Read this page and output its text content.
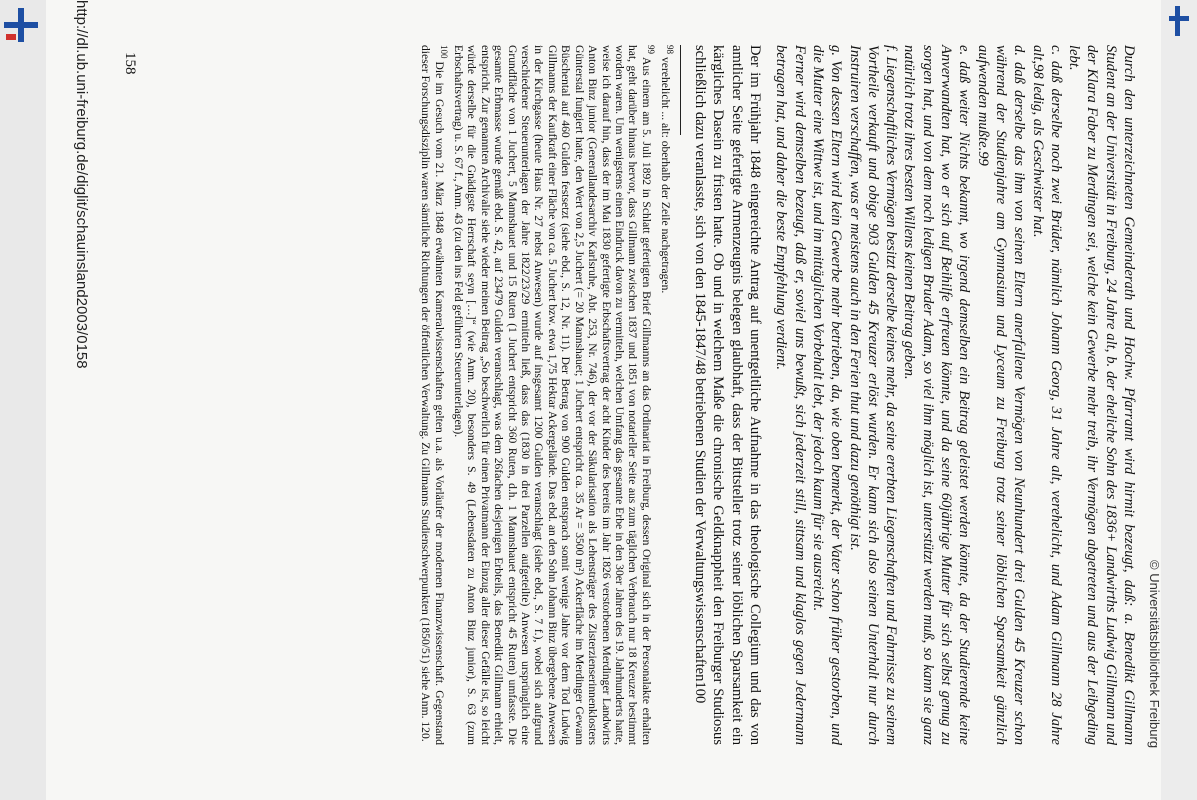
Durch den unterzeichneten Gemeinderath und Hochw. Pfarramt wird hirmit bezeugt, daß: a. Benedikt Gillmann Student an der Universität in Freiburg, 24 Jahre alt, b. der eheliche Sohn des 1836+ Landwirths Ludwig Gillmann und der Klara Faber zu Merdingen sei, welche kein Gewerbe mehr treib, ihr Vermögen abgetreten und aus der Leibgeding lebt.

c. daß derselbe noch zwei Brüder, nämlich Johann Georg, 31 Jahre alt, verehelicht, und Adam Gillmann 28 Jahre alt,98 ledig, als Geschwister hat.

d. daß derselbe das ihm von seinen Eltern anerfallene Vermögen von Neunhundert drei Gulden 45 Kreuzer schon während der Studienjahre am Gymnasium und Lyceum zu Freiburg trotz seiner löblichen Sparsamkeit gänzlich aufwenden mußte.99

e. daß weiter Nichts bekannt, wo irgend demselben ein Beitrag geleistet werden könnte, da der Studierende keine Anverwandten hat, wo er sich auf Beihilfe erfreuen könnte, und da seine 60jährige Mutter für sich selbst genug zu sorgen hat, und von dem noch ledigen Bruder Adam, so viel ihm möglich ist, unterstützt werden muß, so kann sie ganz natürlich trotz ihres besten Willens keinen Beitrag geben.

f. Liegenschaftliches Vermögen besitzt derselbe keines mehr, da seine ererbten Liegenschaften und Fahrnisse zu seinem Vortheile verkauft und obige 903 Gulden 45 Kreuzer erlöst wurden. Er kann sich also seinen Unterhalt nur durch Instruiren verschaffen, was er meistens auch in den Ferien thut und dazu genöthigt ist.

g. Von dessen Eltern wird kein Gewerbe mehr betrieben, da, wie oben bemerkt, der Vater schon früher gestorben, und die Mutter eine Wittwe ist, und im mittäglichen Vorbehalt lebt, der jedoch kaum für sie ausreicht.

Ferner wird demselben bezeugt, daß er, soviel uns bewußt, sich jederzeit still, sittsam und klaglos gegen Jedermann betragen hat, und daher die beste Empfehlung verdient.

Der im Frühjahr 1848 eingereichte Antrag auf unentgeltliche Aufnahme in das theologische Collegium und das von amtlicher Seite gefertigte Armenzeugnis belegen glaubhaft, dass der Bittsteller trotz seiner löblichen Sparsamkeit ein kärgliches Dasein zu fristen hatte. Ob und in welchem Maße die chronische Geldknappheit den Freiburger Studiosus schließlich dazu veranlasste, sich von den 1845-1847/48 betriebenen Studien der Verwaltungswissenschaften100

$^{98}$verehelicht ... alt: oberhalb der Zeile nachgetragen.

$^{99}$Aus einem am 5. Juli 1892 in Schlatt gefertigten Brief Gillmanns an das Ordinariat in Freiburg, dessen Original sich in der Personalakte erhalten hat, geht darüber hinaus hervor, dass Gillmann zwischen 1837 und 1851 von notarieller Seite aus zum täglichen Verbrauch nur 18 Kreuzer bestimmt worden waren. Um wenigstens einen Eindruck davon zu vermitteln, welchen Umfang das gesamte Erbe in den 30er Jahren des 19. Jahrhunderts hatte, weise ich darauf hin, dass der im Mai 1830 gefertigte Erbschaftsvertrag der acht Kinder des bereits im Jahr 1826 verstorbenen Merdinger Landwirts Anton Binz junior (Generallandesarchiv Karlsruhe, Abt. 253, Nr. 746), der vor der Säkularisation als Lehensträger des Zisterzienserinnenklosters Günterstal fungiert hatte, den Wert von 2,5 Juchert (= 20 Mannshauet; 1 Juchert entspricht ca. 35 Ar = 3500 m²) Ackerfläche im Merdinger Gewann Büschental auf 460 Gulden festsetzt (siehe ebd., S. 12, Nr. 11). Der Betrag von 900 Gulden entsprach somit wenige Jahre vor dem Tod Ludwig Gillmanns der Kaufkraft einer Fläche von ca. 5 Juchert bzw. etwa 1,75 Hektar Ackergelände. Das ebd. an den Sohn Johann Binz übergebene Anwesen in der Kirchgasse (heute Haus Nr. 27 nebst Anwesen) wurde auf insgesamt 1200 Gulden veranschlagt (siehe ebd., S. 7 f.), wobei sich aufgrund verschiedener Steuerunterlagen der Jahre 1822/23/29 ermitteln ließ, dass das (1830 in drei Parzellen aufgeteilte) Anwesen ursprünglich eine Grundfläche von 1 Juchert, 5 Mannshauet und 15 Ruten (1 Juchert entspricht 360 Ruten, d.h. 1 Mannshauet entspricht 45 Ruten) umfasste. Die gesamte Erbmasse wurde gemäß ebd. S. 42, auf 23479 Gulden veranschlagt, was dem 26fachen desjenigen Erbteils, das Benedikt Gillmann erhielt, entspricht. Zur genannten Archivalie siehe wieder meinen Beitrag „So beschwerlich für einen Privatmann der Einzug aller dieser Gefälle ist, so leicht würde derselbe für die Gnädigste Herrschaft seyn […]“ (wie Anm. 20), besonders S. 49 (Lebensdaten zu Anton Binz junior), S. 63 (zum Erbschaftsvertrag) u. S. 67 f., Anm. 43 (zu den ins Feld geführten Steuerunterlagen).

$^{100}$Die im Gesuch vom 21. März 1848 erwähnten Kameralwissenschaften gelten u.a. als Vorläufer der modernen Finanzwissenschaft. Gegenstand dieser Forschungsdisziplin waren sämtliche Richtungen der öffentlichen Verwaltung. Zu Gillmanns Studienschwerpunkten (1850/51) siehe Anm. 120.

158
http://dl.ub.uni-freiburg.de/diglit/schauinsland2003/0158
© Universitätsbibliothek Freiburg
